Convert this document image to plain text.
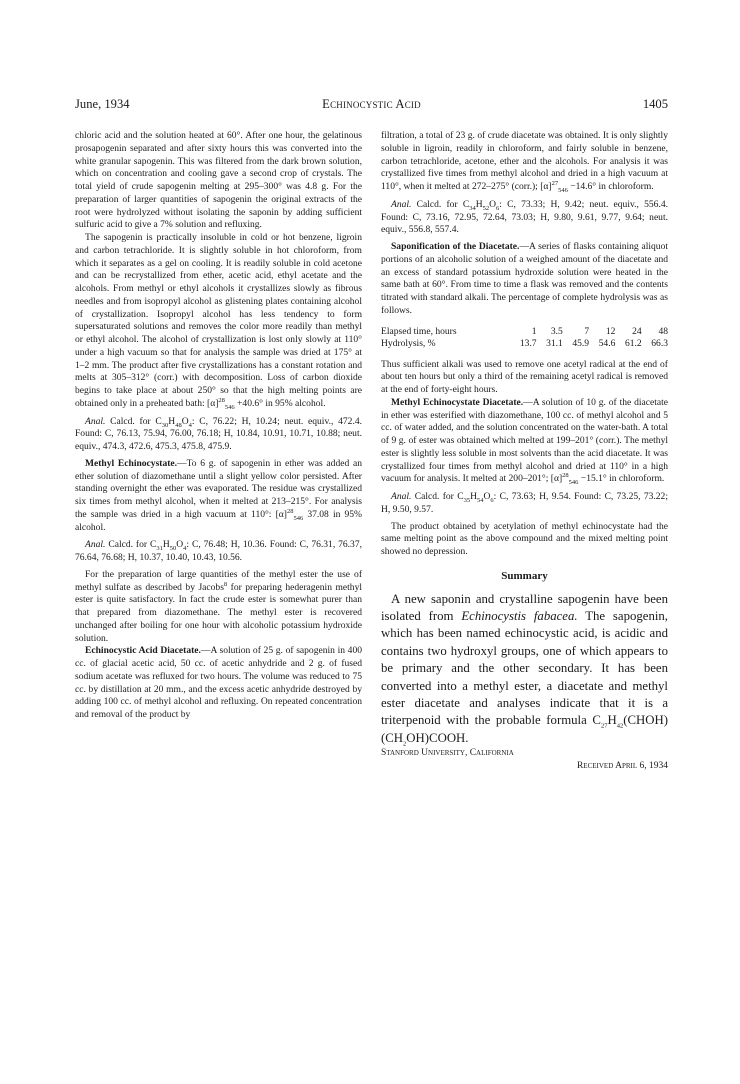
June, 1934	Echinocystic Acid	1405

chloric acid and the solution heated at 60°. After one hour, the gelatinous prosapogenin separated and after sixty hours this was converted into the white granular sapogenin. This was filtered from the dark brown solution, which on concentration and cooling gave a second crop of crystals. The total yield of crude sapogenin melting at 295–300° was 4.8 g. For the preparation of larger quantities of sapogenin the original extracts of the root were hydrolyzed without isolating the saponin by adding sufficient sulfuric acid to give a 7% solution and refluxing.

The sapogenin is practically insoluble in cold or hot benzene, ligroin and carbon tetrachloride. It is slightly soluble in hot chloroform, from which it separates as a gel on cooling. It is readily soluble in cold acetone and can be recrystallized from ether, acetic acid, ethyl acetate and the alcohols. From methyl or ethyl alcohols it crystallizes slowly as fibrous needles and from isopropyl alcohol as glistening plates containing alcohol of crystallization. Isopropyl alcohol has less tendency to form supersaturated solutions and removes the color more readily than methyl or ethyl alcohol. The alcohol of crystallization is lost only slowly at 110° under a high vacuum so that for analysis the sample was dried at 175° at 1–2 mm. The product after five crystallizations has a constant rotation and melts at 305–312° (corr.) with decomposition. Loss of carbon dioxide begins to take place at about 250° so that the high melting points are obtained only in a preheated bath: $[\alpha]^{28}_{546} +40.6^\circ$ in 95% alcohol.

Anal. Calcd. for $C_{30}H_{48}O_4$: C, 76.22; H, 10.24; neut. equiv., 472.4. Found: C, 76.13, 75.94, 76.00, 76.18; H, 10.84, 10.91, 10.71, 10.88; neut. equiv., 474.3, 472.6, 475.3, 475.8, 475.9.

Methyl Echinocystate.—To 6 g. of sapogenin in ether was added an ether solution of diazomethane until a slight yellow color persisted. After standing overnight the ether was evaporated. The residue was crystallized six times from methyl alcohol, when it melted at 213–215°. For analysis the sample was dried in a high vacuum at 110°: $[\alpha]^{28}_{546}$ 37.08 in 95% alcohol.

Anal. Calcd. for $C_{31}H_{50}O_4$: C, 76.48; H, 10.36. Found: C, 76.31, 76.37, 76.64, 76.68; H, 10.37, 10.40, 10.43, 10.56.

For the preparation of large quantities of the methyl ester the use of methyl sulfate as described by Jacobs$^8$ for preparing hederagenin methyl ester is quite satisfactory. In fact the crude ester is somewhat purer than that prepared from diazomethane. The methyl ester is recovered unchanged after boiling for one hour with alcoholic potassium hydroxide solution.

Echinocystic Acid Diacetate.—A solution of 25 g. of sapogenin in 400 cc. of glacial acetic acid, 50 cc. of acetic anhydride and 2 g. of fused sodium acetate was refluxed for two hours. The volume was reduced to 75 cc. by distillation at 20 mm., and the excess acetic anhydride destroyed by adding 100 cc. of methyl alcohol and refluxing. On repeated concentration and removal of the product by

filtration, a total of 23 g. of crude diacetate was obtained. It is only slightly soluble in ligroin, readily in chloroform, and fairly soluble in benzene, carbon tetrachloride, acetone, ether and the alcohols. For analysis it was crystallized five times from methyl alcohol and dried in a high vacuum at 110°, when it melted at 272–275° (corr.); $[\alpha]^{27}_{546} -14.6^\circ$ in chloroform.

Anal. Calcd. for $C_{34}H_{52}O_6$: C, 73.33; H, 9.42; neut. equiv., 556.4. Found: C, 73.16, 72.95, 72.64, 73.03; H, 9.80, 9.61, 9.77, 9.64; neut. equiv., 556.8, 557.4.

Saponification of the Diacetate.—A series of flasks containing aliquot portions of an alcoholic solution of a weighed amount of the diacetate and an excess of standard potassium hydroxide solution were heated in the same bath at 60°. From time to time a flask was removed and the contents titrated with standard alkali. The percentage of complete hydrolysis was as follows.

Elapsed time, hours	1	3.5	7	12	24	48
Hydrolysis, %	13.7	31.1	45.9	54.6	61.2	66.3

Thus sufficient alkali was used to remove one acetyl radical at the end of about ten hours but only a third of the remaining acetyl radical is removed at the end of forty-eight hours.

Methyl Echinocystate Diacetate.—A solution of 10 g. of the diacetate in ether was esterified with diazomethane, 100 cc. of methyl alcohol and 5 cc. of water added, and the solution concentrated on the water-bath. A total of 9 g. of ester was obtained which melted at 199–201° (corr.). The methyl ester is slightly less soluble in most solvents than the acid diacetate. It was crystallized four times from methyl alcohol and dried at 110° in a high vacuum for analysis. It melted at 200–201°; $[\alpha]^{28}_{546} -15.1^\circ$ in chloroform.

Anal. Calcd. for $C_{35}H_{54}O_6$: C, 73.63; H, 9.54. Found: C, 73.25, 73.22; H, 9.50, 9.57.

The product obtained by acetylation of methyl echinocystate had the same melting point as the above compound and the mixed melting point showed no depression.

Summary

A new saponin and crystalline sapogenin have been isolated from Echinocystis fabacea. The sapogenin, which has been named echinocystic acid, is acidic and contains two hydroxyl groups, one of which appears to be primary and the other secondary. It has been converted into a methyl ester, a diacetate and methyl ester diacetate and analyses indicate that it is a triterpenoid with the probable formula $C_{27}H_{42}(CHOH)(CH_2OH)COOH$.

Stanford University, California

Received April 6, 1934
